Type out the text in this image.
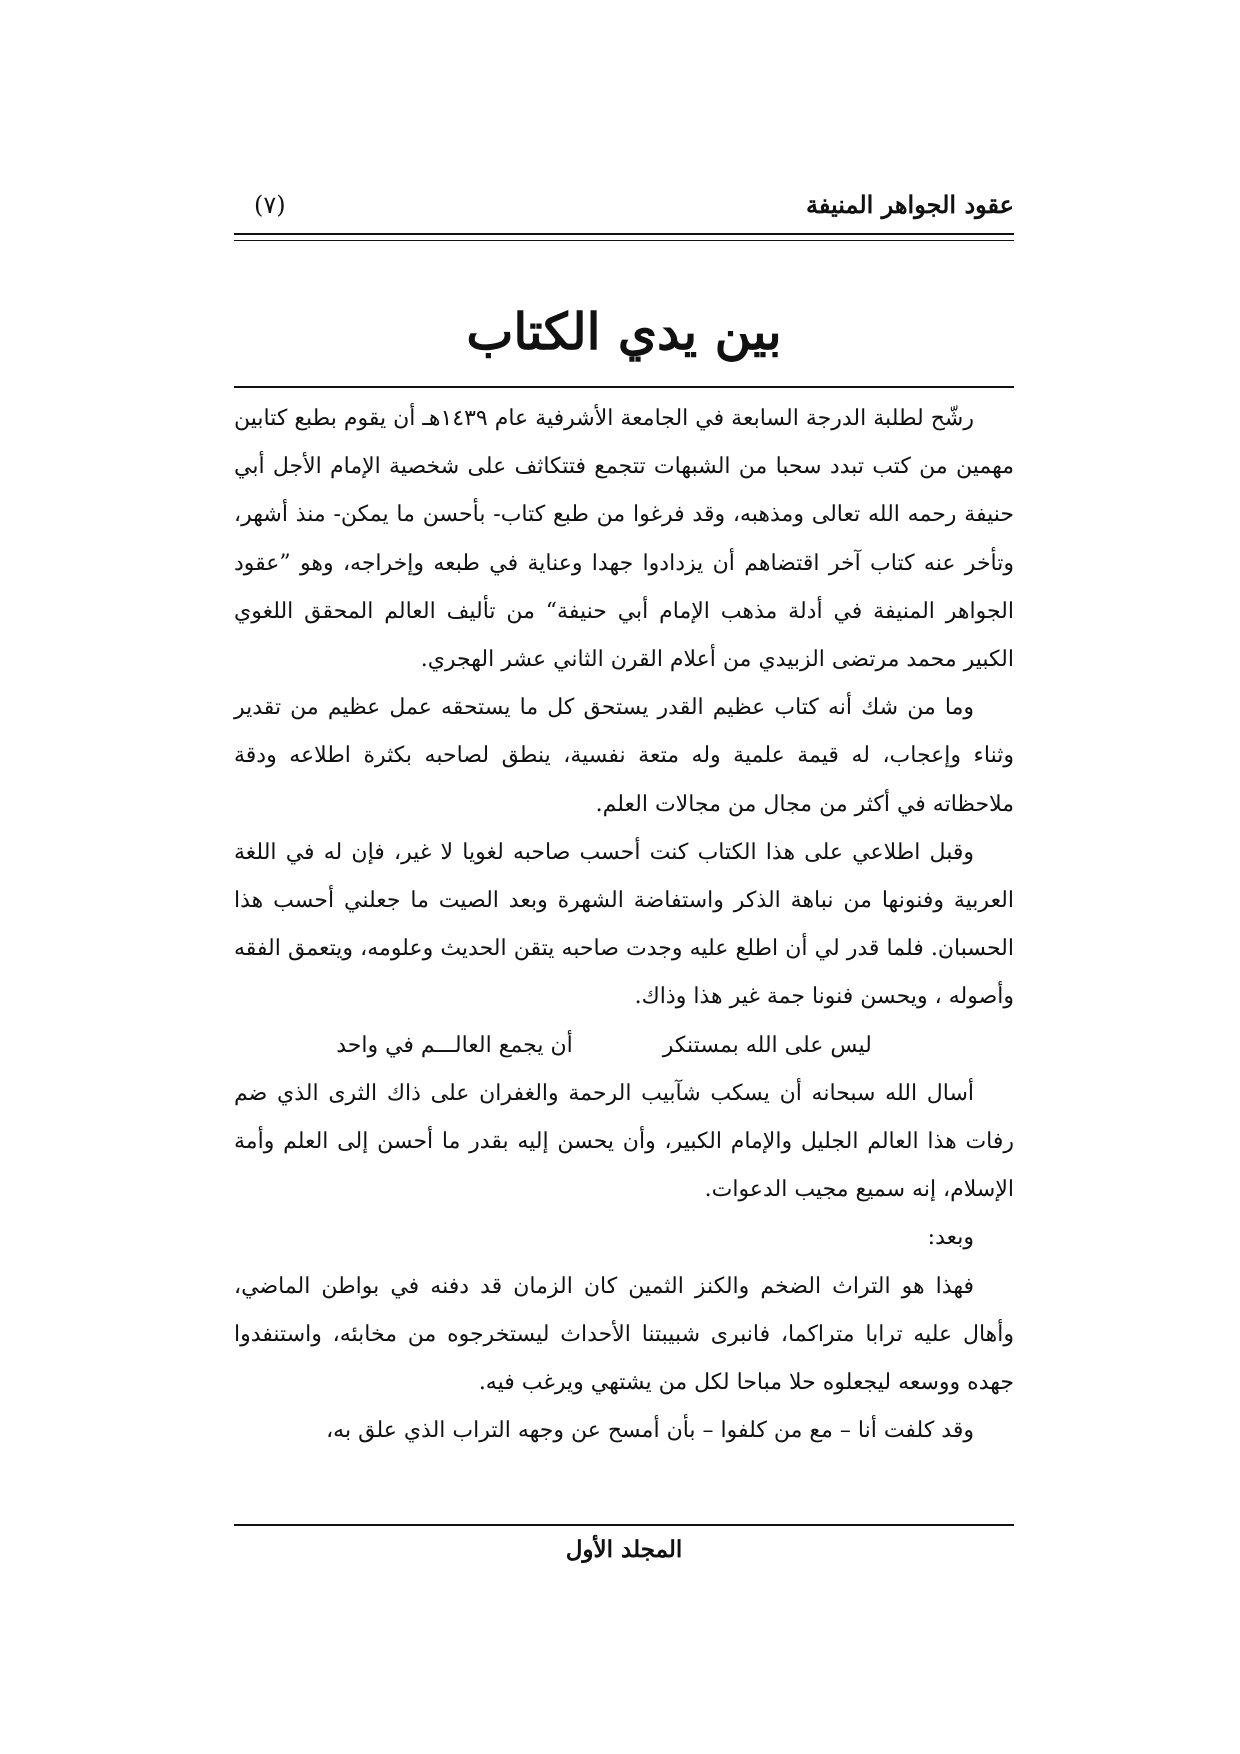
عقود الجواهر المنيفة
(٧)
بين يدي الكتاب

رشّح لطلبة الدرجة السابعة في الجامعة الأشرفية عام ١٤٣٩هـ أن يقوم بطبع كتابين مهمين من كتب تبدد سحبا من الشبهات تتجمع فتتكاثف على شخصية الإمام الأجل أبي حنيفة رحمه الله تعالى ومذهبه، وقد فرغوا من طبع كتاب- بأحسن ما يمكن- منذ أشهر، وتأخر عنه كتاب آخر اقتضاهم أن يزدادوا جهدا وعناية في طبعه وإخراجه، وهو ”عقود الجواهر المنيفة في أدلة مذهب الإمام أبي حنيفة“ من تأليف العالم المحقق اللغوي الكبير محمد مرتضى الزبيدي من أعلام القرن الثاني عشر الهجري.

وما من شك أنه كتاب عظيم القدر يستحق كل ما يستحقه عمل عظيم من تقدير وثناء وإعجاب، له قيمة علمية وله متعة نفسية، ينطق لصاحبه بكثرة اطلاعه ودقة ملاحظاته في أكثر من مجال من مجالات العلم.

وقبل اطلاعي على هذا الكتاب كنت أحسب صاحبه لغويا لا غير، فإن له في اللغة العربية وفنونها من نباهة الذكر واستفاضة الشهرة وبعد الصيت ما جعلني أحسب هذا الحسبان. فلما قدر لي أن اطلع عليه وجدت صاحبه يتقن الحديث وعلومه، ويتعمق الفقه وأصوله ، ويحسن فنونا جمة غير هذا وذاك.

ليس على الله بمستنكر
أن يجمع العالـــم في واحد

أسال الله سبحانه أن يسكب شآبيب الرحمة والغفران على ذاك الثرى الذي ضم رفات هذا العالم الجليل والإمام الكبير، وأن يحسن إليه بقدر ما أحسن إلى العلم وأمة الإسلام، إنه سميع مجيب الدعوات.

وبعد:

فهذا هو التراث الضخم والكنز الثمين كان الزمان قد دفنه في بواطن الماضي، وأهال عليه ترابا متراكما، فانبرى شبيبتنا الأحداث ليستخرجوه من مخابئه، واستنفدوا جهده ووسعه ليجعلوه حلا مباحا لكل من يشتهي ويرغب فيه.

وقد كلفت أنا – مع من كلفوا – بأن أمسح عن وجهه التراب الذي علق به،

المجلد الأول
